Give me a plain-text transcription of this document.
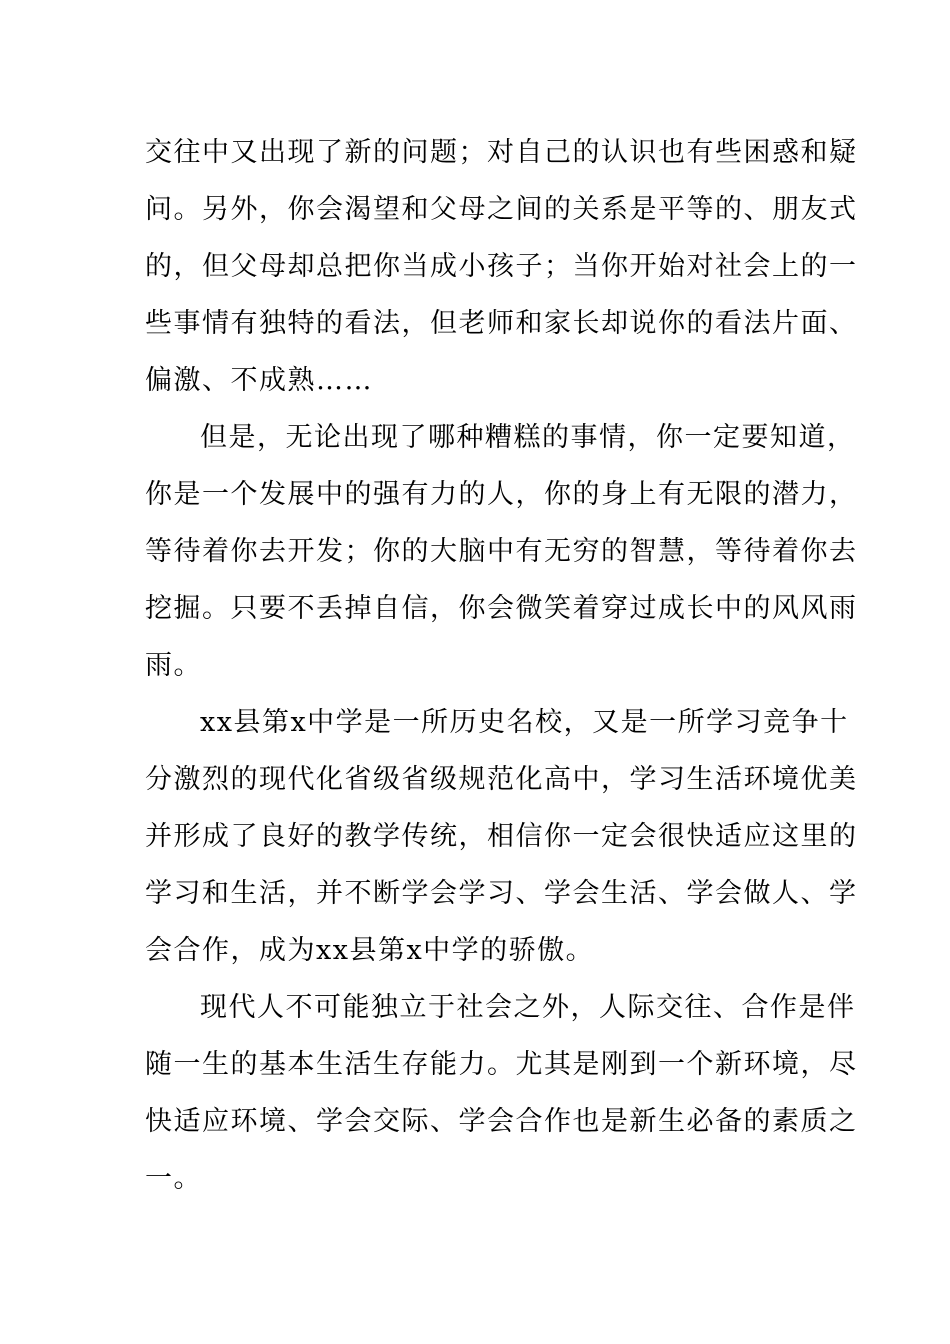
交往中又出现了新的问题；对自己的认识也有些困惑和疑
问。另外，你会渴望和父母之间的关系是平等的、朋友式
的，但父母却总把你当成小孩子；当你开始对社会上的一
些事情有独特的看法，但老师和家长却说你的看法片面、
偏激、不成熟……
但是，无论出现了哪种糟糕的事情，你一定要知道，
你是一个发展中的强有力的人，你的身上有无限的潜力，
等待着你去开发；你的大脑中有无穷的智慧，等待着你去
挖掘。只要不丢掉自信，你会微笑着穿过成长中的风风雨
雨。
xx县第x中学是一所历史名校，又是一所学习竞争十
分激烈的现代化省级省级规范化高中，学习生活环境优美
并形成了良好的教学传统，相信你一定会很快适应这里的
学习和生活，并不断学会学习、学会生活、学会做人、学
会合作，成为xx县第x中学的骄傲。
现代人不可能独立于社会之外，人际交往、合作是伴
随一生的基本生活生存能力。尤其是刚到一个新环境，尽
快适应环境、学会交际、学会合作也是新生必备的素质之
一。
